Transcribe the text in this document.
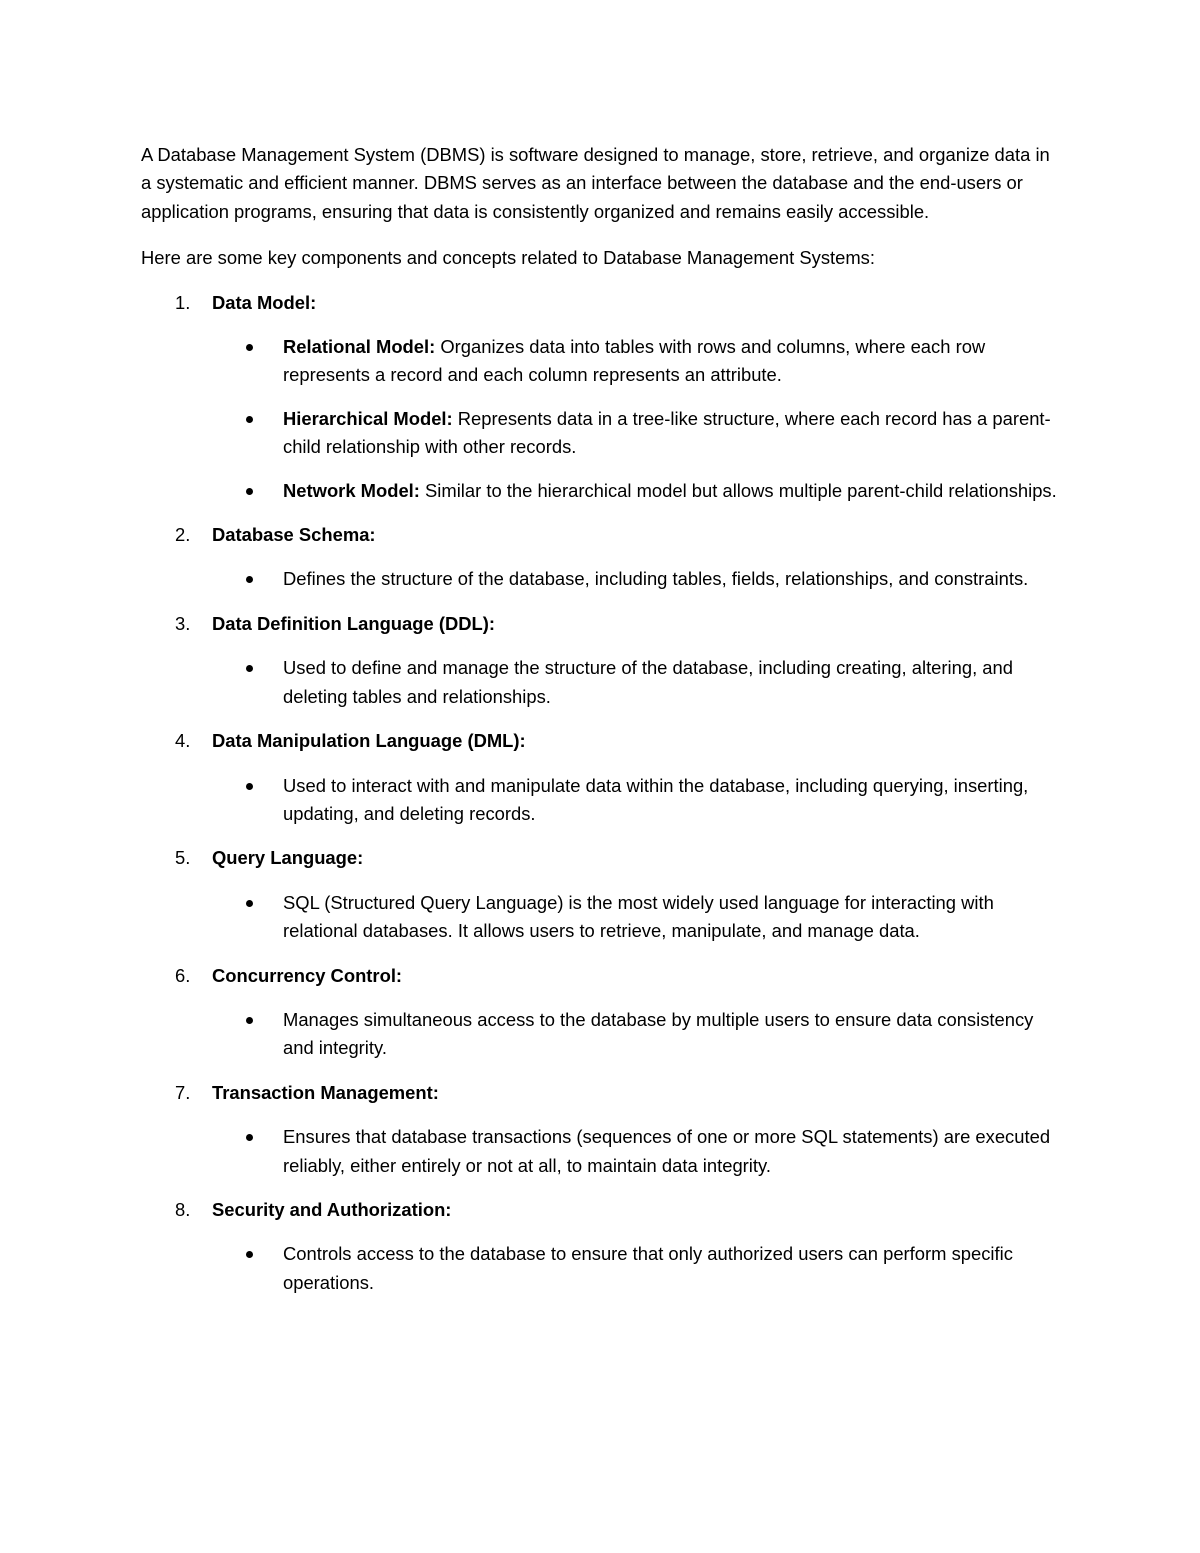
A Database Management System (DBMS) is software designed to manage, store, retrieve, and organize data in a systematic and efficient manner. DBMS serves as an interface between the database and the end-users or application programs, ensuring that data is consistently organized and remains easily accessible.

Here are some key components and concepts related to Database Management Systems:

1.	Data Model:
Relational Model: Organizes data into tables with rows and columns, where each row represents a record and each column represents an attribute.
Hierarchical Model: Represents data in a tree-like structure, where each record has a parent-child relationship with other records.
Network Model: Similar to the hierarchical model but allows multiple parent-child relationships.
2.	Database Schema:
Defines the structure of the database, including tables, fields, relationships, and constraints.
3.	Data Definition Language (DDL):
Used to define and manage the structure of the database, including creating, altering, and deleting tables and relationships.
4.	Data Manipulation Language (DML):
Used to interact with and manipulate data within the database, including querying, inserting, updating, and deleting records.
5.	Query Language:
SQL (Structured Query Language) is the most widely used language for interacting with relational databases. It allows users to retrieve, manipulate, and manage data.
6.	Concurrency Control:
Manages simultaneous access to the database by multiple users to ensure data consistency and integrity.
7.	Transaction Management:
Ensures that database transactions (sequences of one or more SQL statements) are executed reliably, either entirely or not at all, to maintain data integrity.
8.	Security and Authorization:
Controls access to the database to ensure that only authorized users can perform specific operations.
